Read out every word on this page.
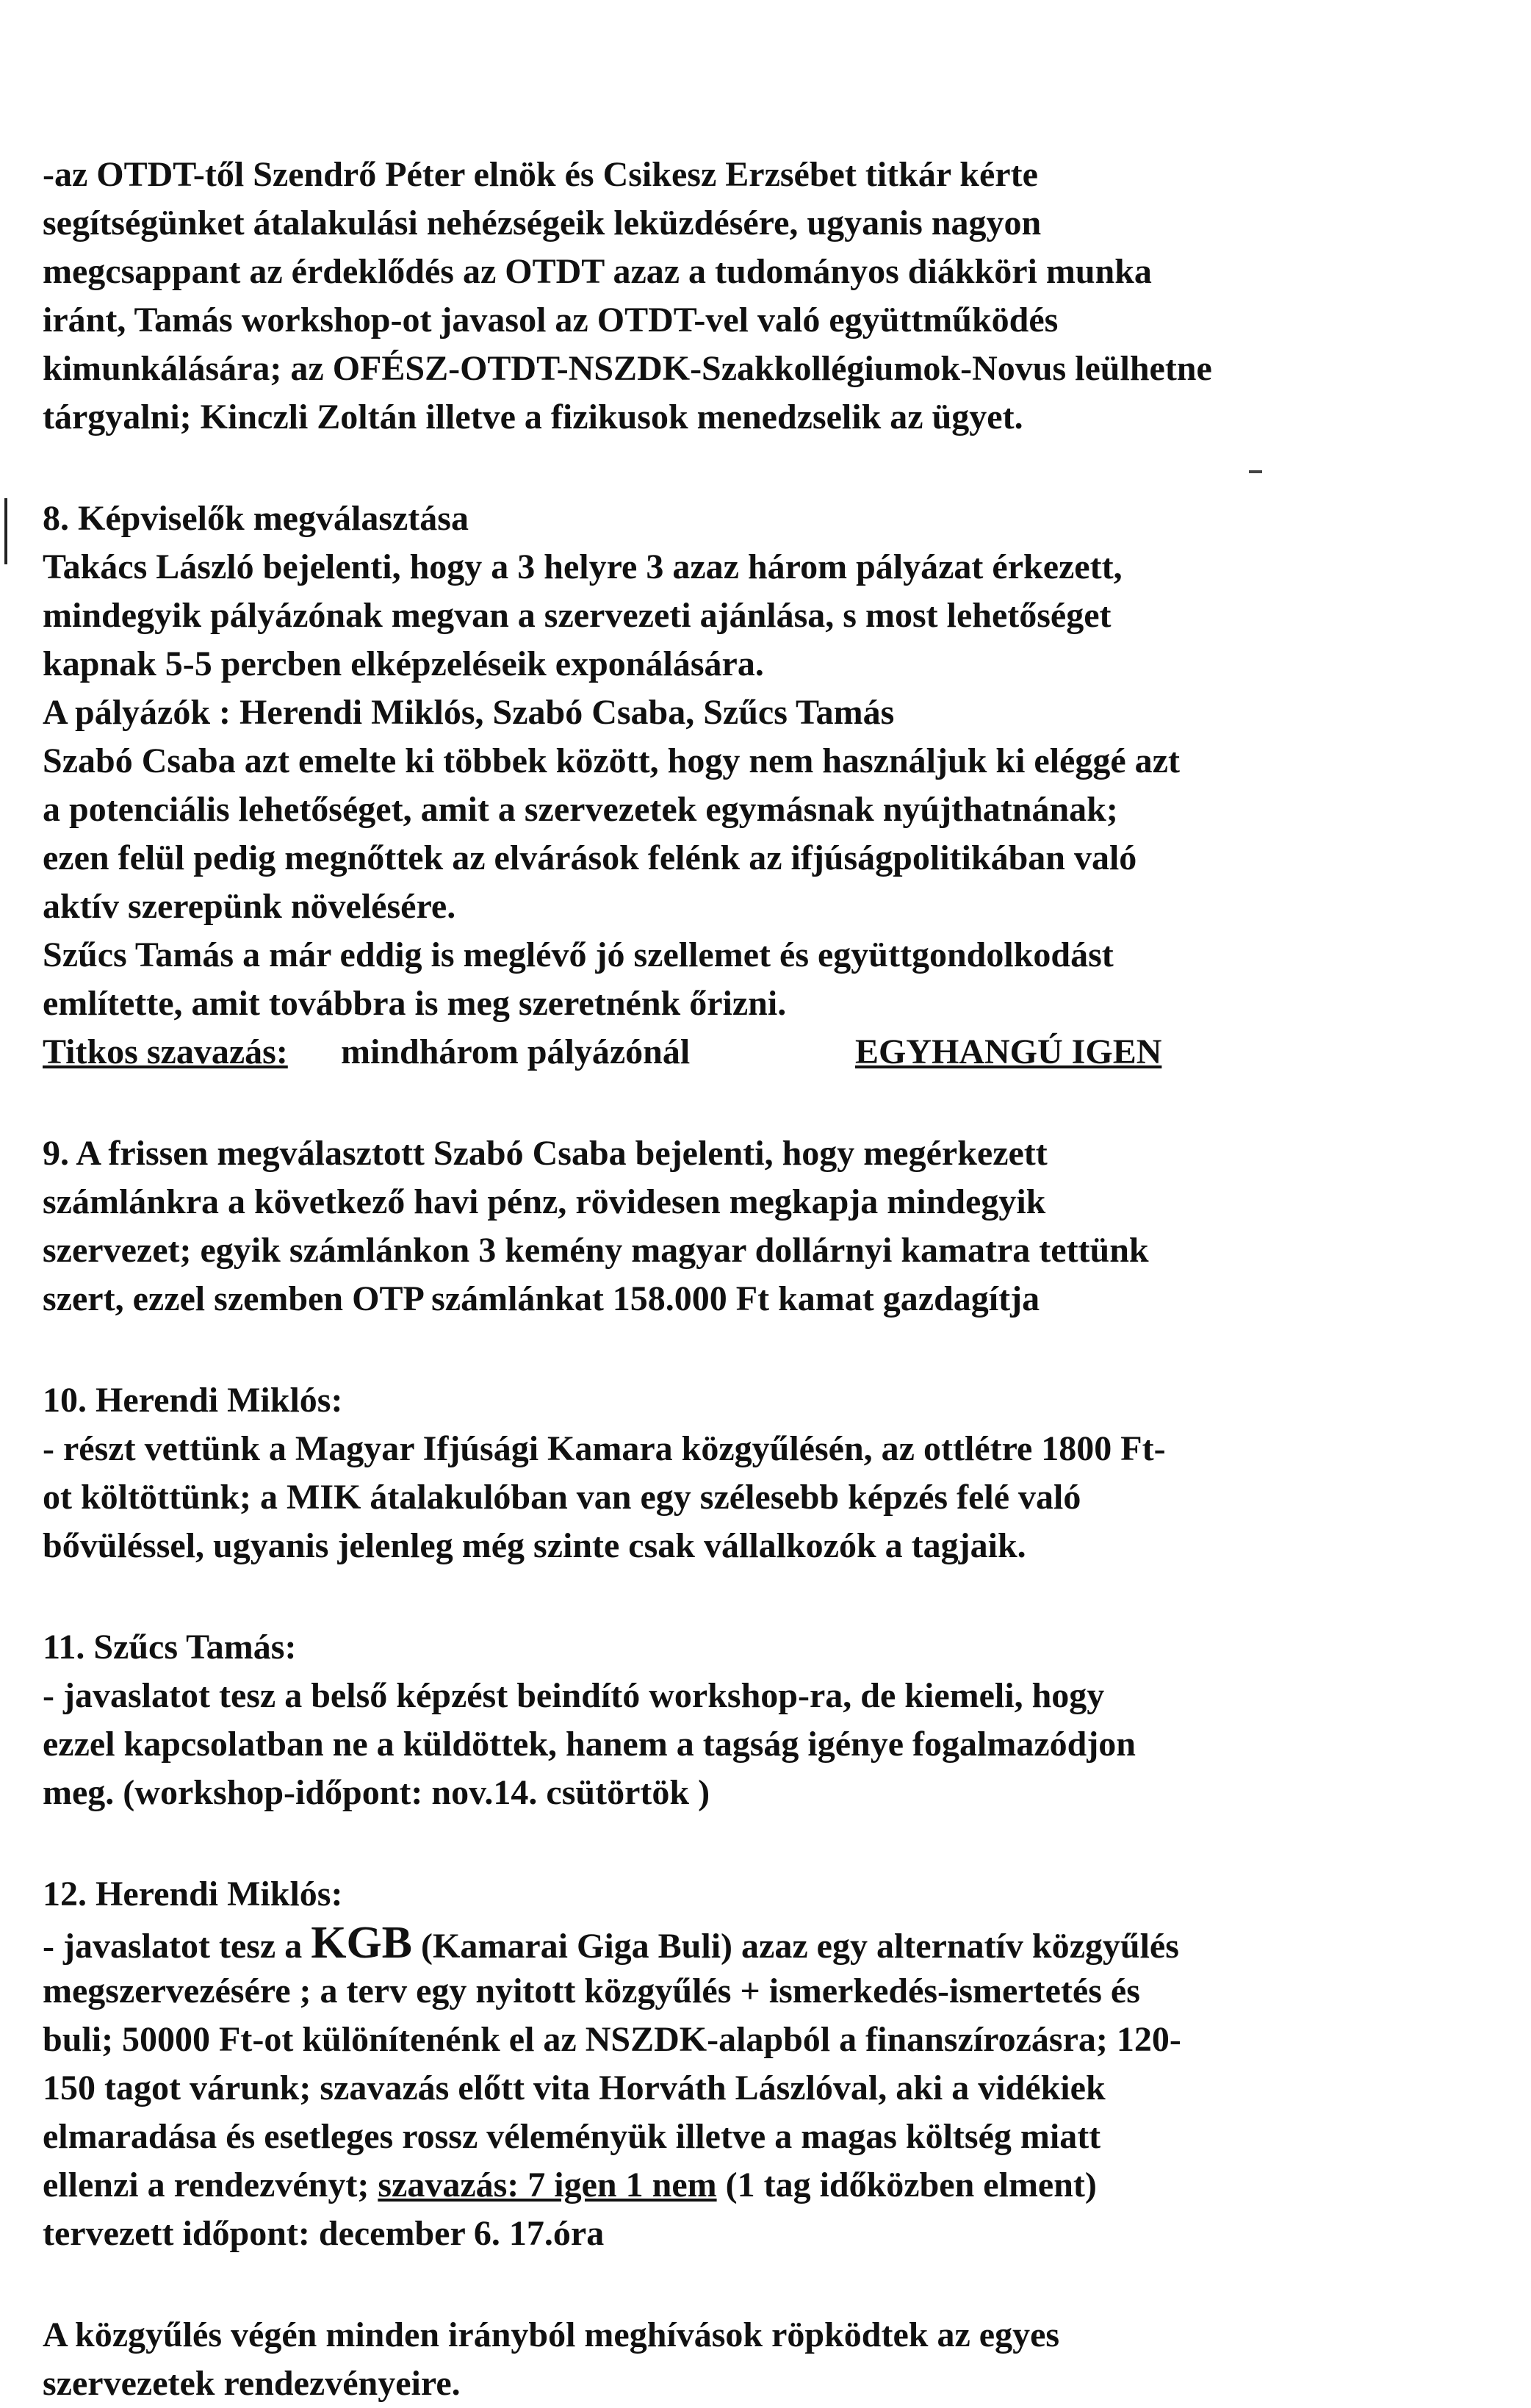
-az OTDT-től Szendrő Péter elnök és Csikesz Erzsébet titkár kérte
segítségünket átalakulási nehézségeik leküzdésére, ugyanis nagyon
megcsappant az érdeklődés az OTDT azaz a tudományos diákköri munka
iránt, Tamás workshop-ot javasol az OTDT-vel való együttműködés
kimunkálására; az OFÉSZ-OTDT-NSZDK-Szakkollégiumok-Novus leülhetne
tárgyalni; Kinczli Zoltán illetve a fizikusok menedzselik az ügyet.
8. Képviselők megválasztása
Takács László bejelenti, hogy a 3 helyre 3 azaz három pályázat érkezett,
mindegyik pályázónak megvan a szervezeti ajánlása, s most lehetőséget
kapnak 5-5 percben elképzeléseik exponálására.
A pályázók : Herendi Miklós, Szabó Csaba, Szűcs Tamás
Szabó Csaba azt emelte ki többek között, hogy nem használjuk ki eléggé azt
a potenciális lehetőséget, amit a szervezetek egymásnak nyújthatnának;
ezen felül pedig megnőttek az elvárások felénk az ifjúságpolitikában való
aktív szerepünk növelésére.
Szűcs Tamás a már eddig is meglévő jó szellemet és együttgondolkodást
említette, amit továbbra is meg szeretnénk őrizni.
Titkos szavazás: mindhárom pályázónál	EGYHANGÚ IGEN
9. A frissen megválasztott Szabó Csaba bejelenti, hogy megérkezett
számlánkra a következő havi pénz, rövidesen megkapja mindegyik
szervezet; egyik számlánkon 3 kemény magyar dollárnyi kamatra tettünk
szert, ezzel szemben OTP számlánkat 158.000 Ft kamat gazdagítja
10. Herendi Miklós:
- részt vettünk a Magyar Ifjúsági Kamara közgyűlésén, az ottlétre 1800 Ft-
ot költöttünk; a MIK átalakulóban van egy szélesebb képzés felé való
bővüléssel, ugyanis jelenleg még szinte csak vállalkozók a tagjaik.
11. Szűcs Tamás:
- javaslatot tesz a belső képzést beindító workshop-ra, de kiemeli, hogy
ezzel kapcsolatban ne a küldöttek, hanem a tagság igénye fogalmazódjon
meg. (workshop-időpont: nov.14. csütörtök )
12. Herendi Miklós:
- javaslatot tesz a KGB (Kamarai Giga Buli) azaz egy alternatív közgyűlés
megszervezésére ; a terv egy nyitott közgyűlés + ismerkedés-ismertetés és
buli; 50000 Ft-ot különítenénk el az NSZDK-alapból a finanszírozásra; 120-
150 tagot várunk; szavazás előtt vita Horváth Lászlóval, aki a vidékiek
elmaradása és esetleges rossz véleményük illetve a magas költség miatt
ellenzi a rendezvényt; szavazás: 7 igen 1 nem (1 tag időközben elment)
tervezett időpont: december 6. 17.óra
A közgyűlés végén minden irányból meghívások röpködtek az egyes
szervezetek rendezvényeire.
